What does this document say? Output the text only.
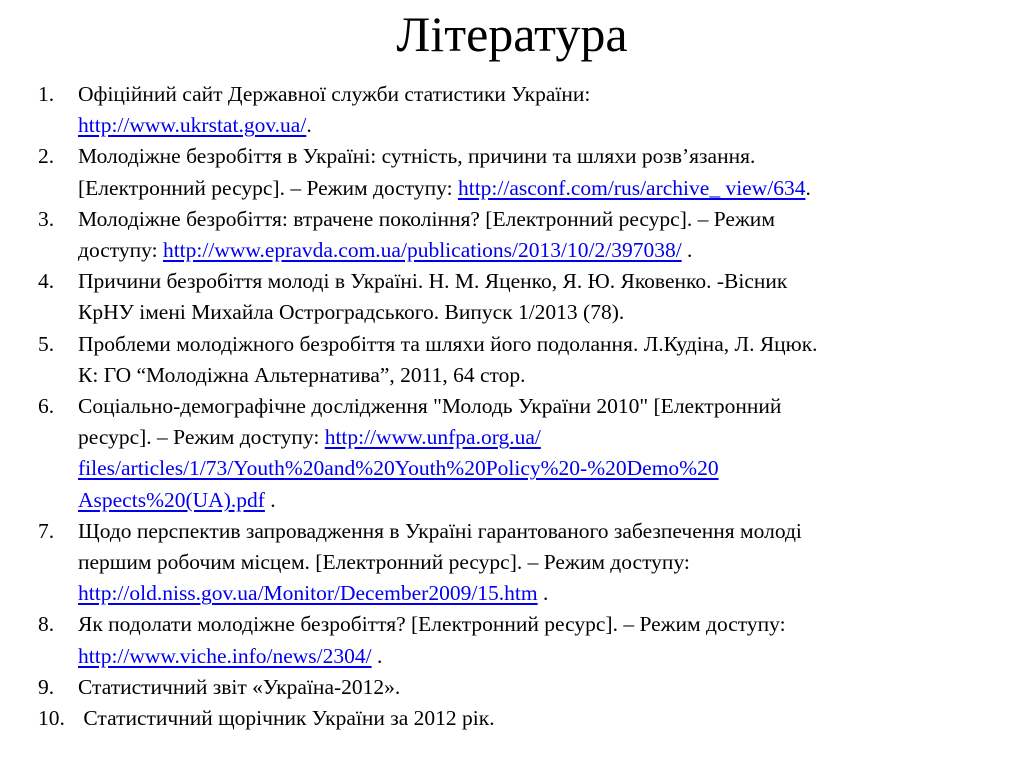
Література
1. Офіційний сайт Державної служби статистики України:
http://www.ukrstat.gov.ua/.
2. Молодіжне безробіття в Україні: сутність, причини та шляхи розв’язання.
[Електронний ресурс]. – Режим доступу: http://asconf.com/rus/archive_ view/634.
3. Молодіжне безробіття: втрачене покоління? [Електронний ресурс]. – Режим
доступу: http://www.epravda.com.ua/publications/2013/10/2/397038/ .
4. Причини безробіття молоді в Україні. Н. М. Яценко, Я. Ю. Яковенко. -Вісник
КрНУ імені Михайла Остроградського. Випуск 1/2013 (78).
5. Проблеми молодіжного безробіття та шляхи його подолання. Л.Кудіна, Л. Яцюк.
К: ГО “Молодіжна Альтернатива”, 2011, 64 стор.
6. Соціально-демографічне дослідження "Молодь України 2010" [Електронний
ресурс]. – Режим доступу: http://www.unfpa.org.ua/
files/articles/1/73/Youth%20and%20Youth%20Policy%20-%20Demo%20
Aspects%20(UA).pdf .
7. Щодо перспектив запровадження в Україні гарантованого забезпечення молоді
першим робочим місцем. [Електронний ресурс]. – Режим доступу:
http://old.niss.gov.ua/Monitor/December2009/15.htm .
8. Як подолати молодіжне безробіття? [Електронний ресурс]. – Режим доступу:
http://www.viche.info/news/2304/ .
9. Статистичний звіт «Україна-2012».
10. Статистичний щорічник України за 2012 рік.
